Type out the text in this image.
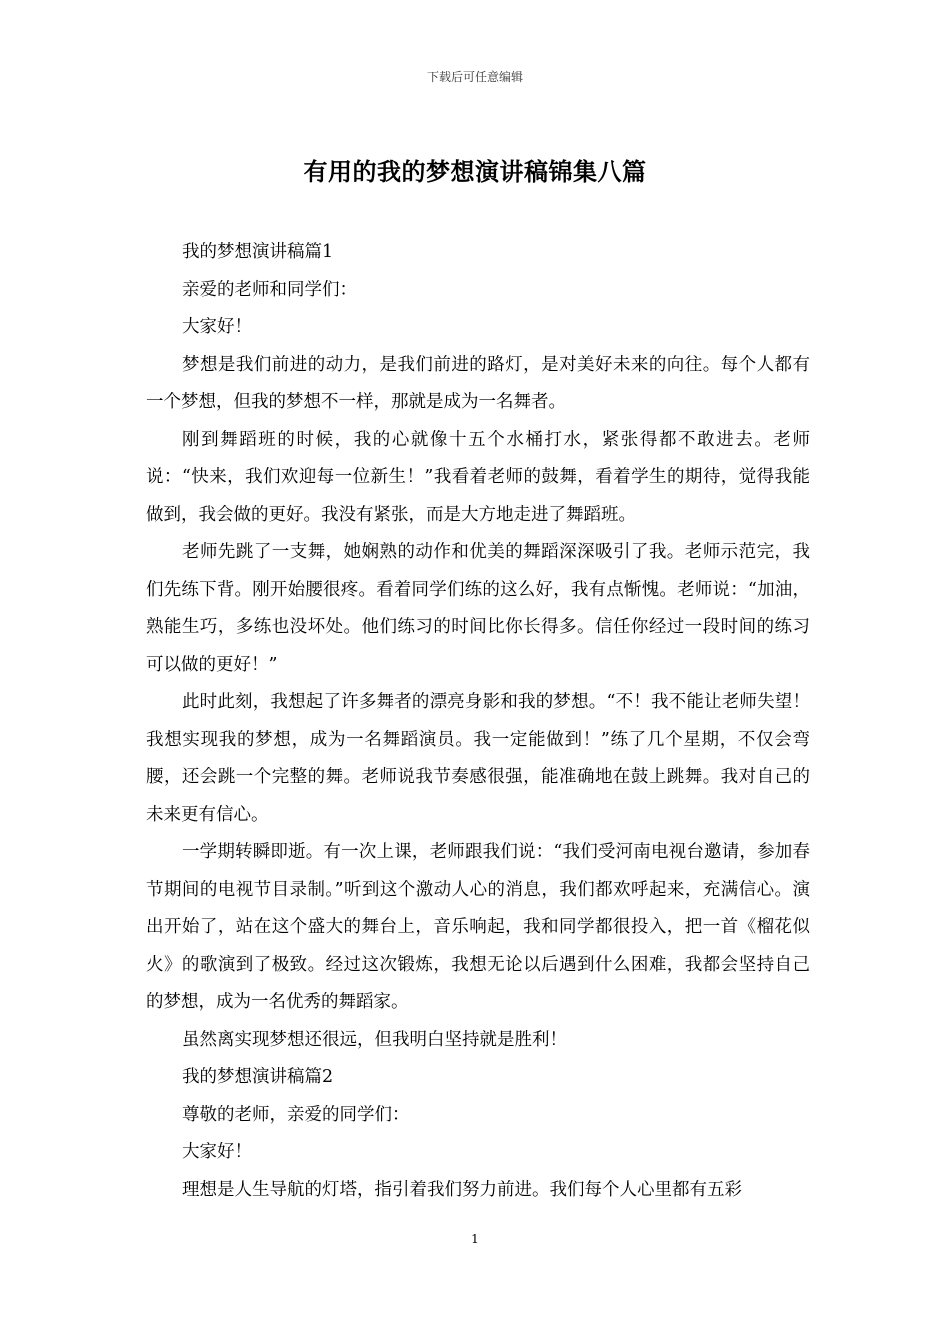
下载后可任意编辑
有用的我的梦想演讲稿锦集八篇

我的梦想演讲稿篇1

亲爱的老师和同学们：

大家好！

梦想是我们前进的动力，是我们前进的路灯，是对美好未来的向往。每个人都有一个梦想，但我的梦想不一样，那就是成为一名舞者。

刚到舞蹈班的时候，我的心就像十五个水桶打水，紧张得都不敢进去。老师说：“快来，我们欢迎每一位新生！”我看着老师的鼓舞，看着学生的期待，觉得我能做到，我会做的更好。我没有紧张，而是大方地走进了舞蹈班。

老师先跳了一支舞，她娴熟的动作和优美的舞蹈深深吸引了我。老师示范完，我们先练下背。刚开始腰很疼。看着同学们练的这么好，我有点惭愧。老师说：“加油，熟能生巧，多练也没坏处。他们练习的时间比你长得多。信任你经过一段时间的练习可以做的更好！”

此时此刻，我想起了许多舞者的漂亮身影和我的梦想。“不！我不能让老师失望！我想实现我的梦想，成为一名舞蹈演员。我一定能做到！”练了几个星期，不仅会弯腰，还会跳一个完整的舞。老师说我节奏感很强，能准确地在鼓上跳舞。我对自己的未来更有信心。

一学期转瞬即逝。有一次上课，老师跟我们说：“我们受河南电视台邀请，参加春节期间的电视节目录制。”听到这个激动人心的消息，我们都欢呼起来，充满信心。演出开始了，站在这个盛大的舞台上，音乐响起，我和同学都很投入，把一首《榴花似火》的歌演到了极致。经过这次锻炼，我想无论以后遇到什么困难，我都会坚持自己的梦想，成为一名优秀的舞蹈家。

虽然离实现梦想还很远，但我明白坚持就是胜利！

我的梦想演讲稿篇2

尊敬的老师，亲爱的同学们：

大家好！

理想是人生导航的灯塔，指引着我们努力前进。我们每个人心里都有五彩

1
